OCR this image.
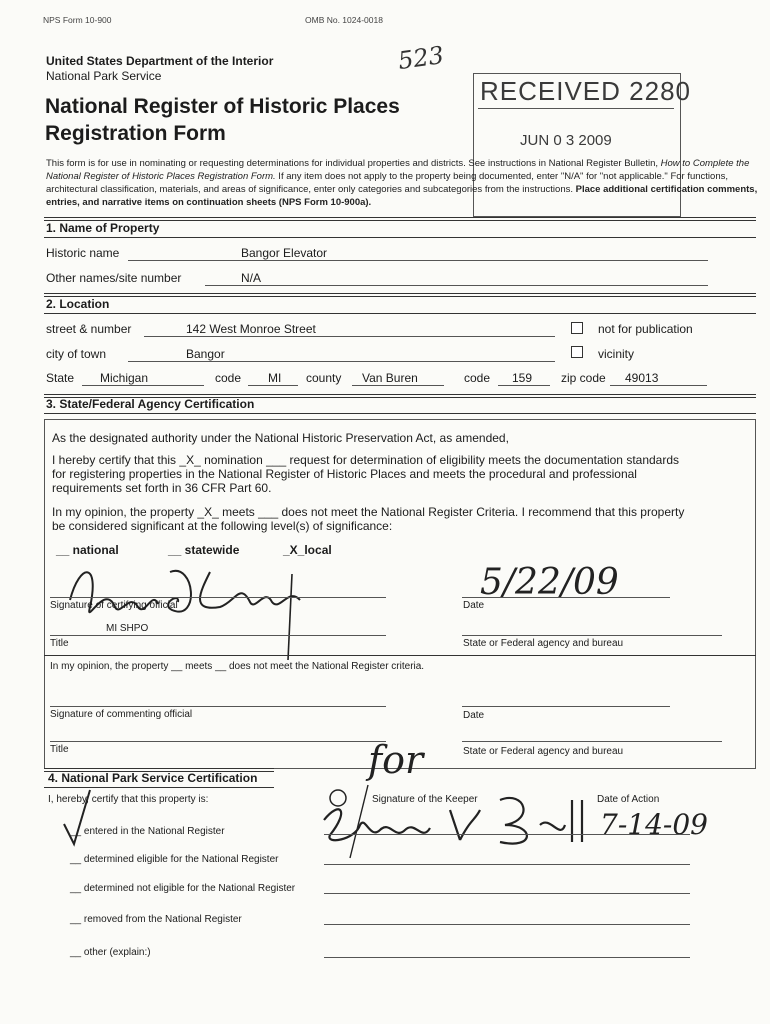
NPS Form 10-900	OMB No. 1024-0018
United States Department of the Interior
National Park Service
523
National Register of Historic Places
Registration Form
RECEIVED 2280
JUN 0 3 2009
This form is for use in nominating or requesting determinations for individual properties and districts. See instructions in National Register Bulletin, How to Complete the National Register of Historic Places Registration Form. If any item does not apply to the property being documented, enter "N/A" for "not applicable." For functions, architectural classification, materials, and areas of significance, enter only categories and subcategories from the instructions. Place additional certification comments, entries, and narrative items on continuation sheets (NPS Form 10-900a).
1. Name of Property
Historic name	Bangor Elevator
Other names/site number	N/A
2. Location
street & number	142 West Monroe Street	not for publication
city of town	Bangor	vicinity
State Michigan	code MI county Van Buren	code 159 zip code 49013
3. State/Federal Agency Certification
As the designated authority under the National Historic Preservation Act, as amended,
I hereby certify that this _X_ nomination ___ request for determination of eligibility meets the documentation standards
for registering properties in the National Register of Historic Places and meets the procedural and professional
requirements set forth in 36 CFR Part 60.
In my opinion, the property _X_ meets ___ does not meet the National Register Criteria. I recommend that this property
be considered significant at the following level(s) of significance:
__ national	__ statewide	_X_local
Signature of certifying official
5/22/09
Date
MI SHPO
Title	State or Federal agency and bureau
In my opinion, the property __ meets __ does not meet the National Register criteria.
Signature of commenting official	Date
Title	State or Federal agency and bureau
4. National Park Service Certification
I, hereby, certify that this property is:
for
Signature of the Keeper	Date of Action
7-14-09
__ entered in the National Register
__ determined eligible for the National Register
__ determined not eligible for the National Register
__ removed from the National Register
__ other (explain:)
